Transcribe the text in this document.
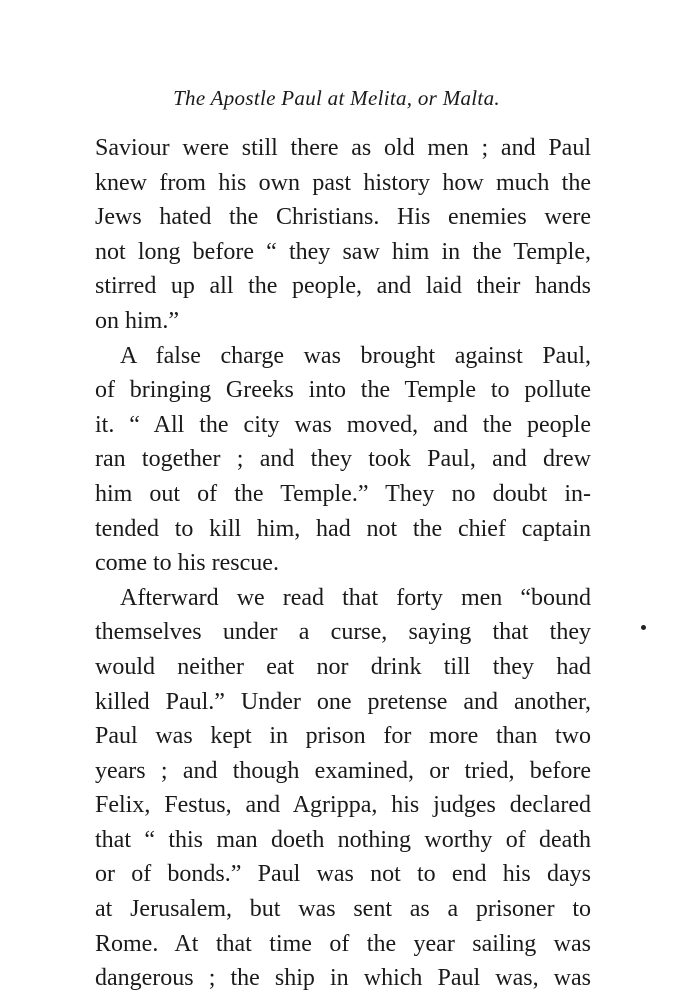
The Apostle Paul at Melita, or Malta.
Saviour were still there as old men ; and Paul
knew from his own past history how much the
Jews hated the Christians. His enemies were
not long before “ they saw him in the Temple,
stirred up all the people, and laid their hands
on him.”
A false charge was brought against Paul,
of bringing Greeks into the Temple to pollute
it. “ All the city was moved, and the people
ran together ; and they took Paul, and drew
him out of the Temple.” They no doubt in-
tended to kill him, had not the chief captain
come to his rescue.
Afterward we read that forty men “bound
themselves under a curse, saying that they
would neither eat nor drink till they had
killed Paul.” Under one pretense and another,
Paul was kept in prison for more than two
years ; and though examined, or tried, before
Felix, Festus, and Agrippa, his judges declared
that “ this man doeth nothing worthy of death
or of bonds.” Paul was not to end his days
at Jerusalem, but was sent as a prisoner to
Rome. At that time of the year sailing was
dangerous ; the ship in which Paul was, was
